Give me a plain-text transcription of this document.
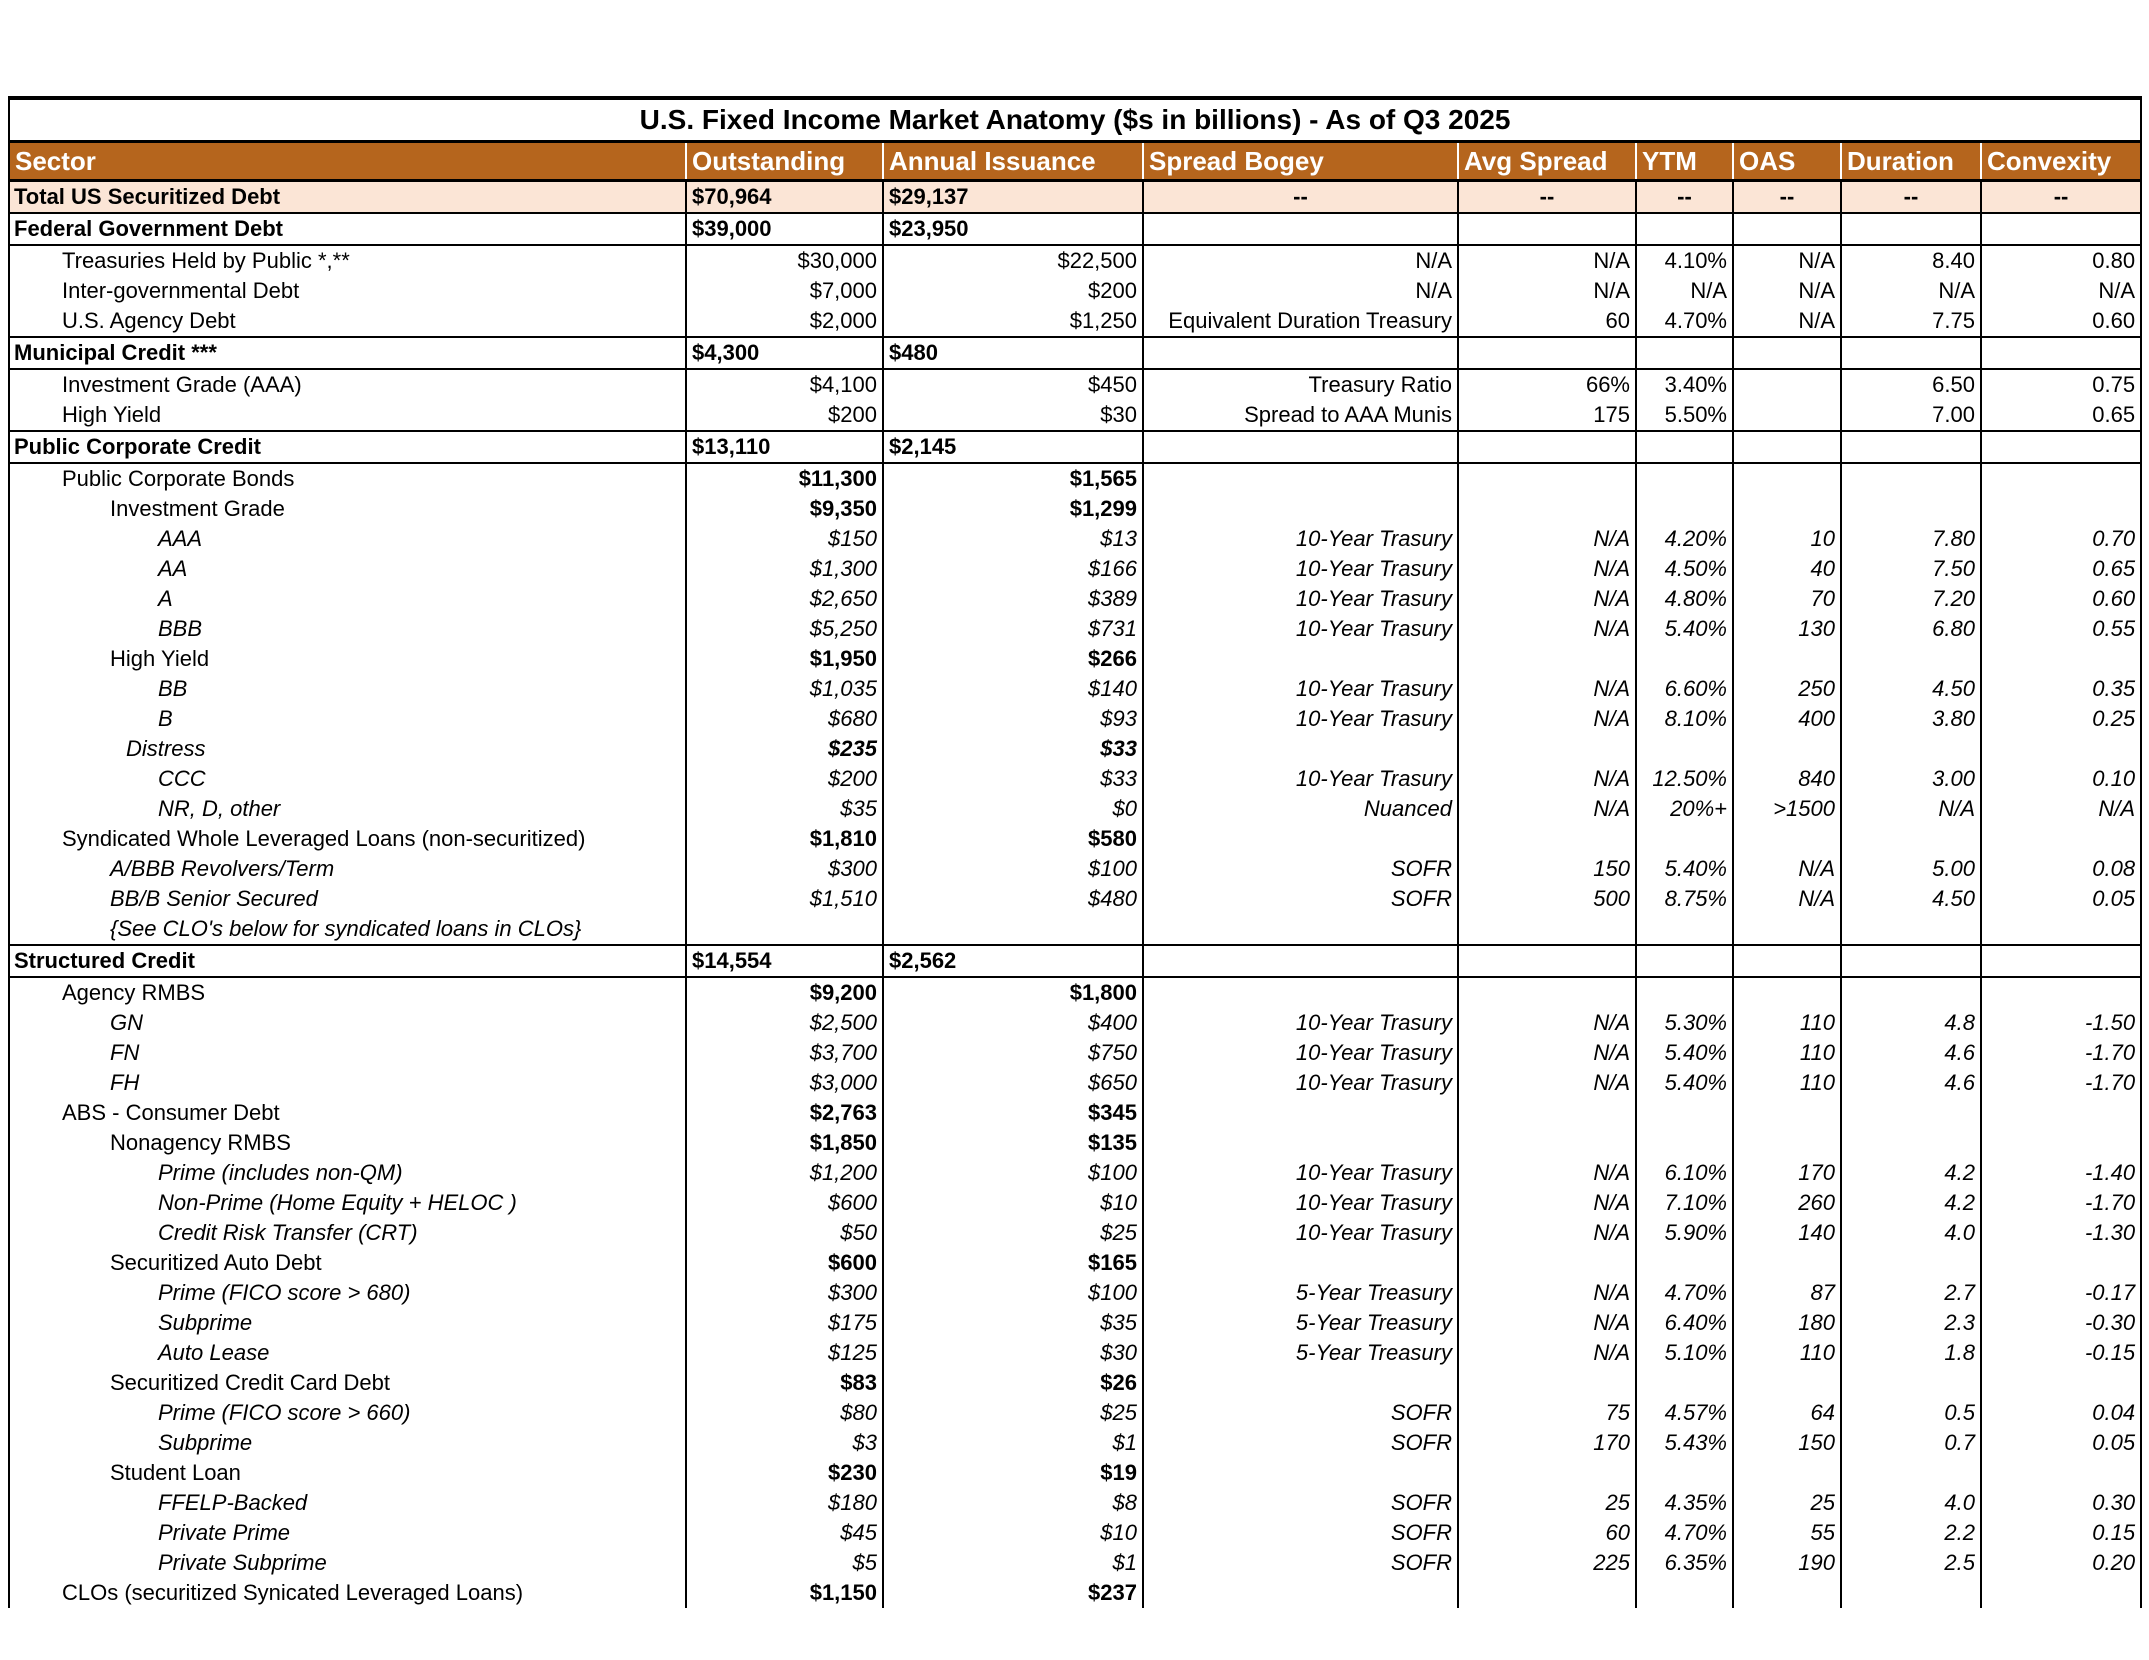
U.S. Fixed Income Market Anatomy ($s in billions) - As of Q3 2025								
Sector	Outstanding	Annual Issuance	Spread Bogey	Avg Spread	YTM	OAS	Duration	Convexity
Total US Securitized Debt	$70,964	$29,137	--	--	--	--	--	--
Federal Government Debt	$39,000	$23,950						
Treasuries Held by Public *,**	$30,000	$22,500	N/A	N/A	4.10%	N/A	8.40	0.80
Inter-governmental Debt	$7,000	$200	N/A	N/A	N/A	N/A	N/A	N/A
U.S. Agency Debt	$2,000	$1,250	Equivalent Duration Treasury	60	4.70%	N/A	7.75	0.60
Municipal Credit ***	$4,300	$480						
Investment Grade (AAA)	$4,100	$450	Treasury Ratio	66%	3.40%		6.50	0.75
High Yield	$200	$30	Spread to AAA Munis	175	5.50%		7.00	0.65
Public Corporate Credit	$13,110	$2,145						
Public Corporate Bonds	$11,300	$1,565						
Investment Grade	$9,350	$1,299						
AAA	$150	$13	10-Year Trasury	N/A	4.20%	10	7.80	0.70
AA	$1,300	$166	10-Year Trasury	N/A	4.50%	40	7.50	0.65
A	$2,650	$389	10-Year Trasury	N/A	4.80%	70	7.20	0.60
BBB	$5,250	$731	10-Year Trasury	N/A	5.40%	130	6.80	0.55
High Yield	$1,950	$266						
BB	$1,035	$140	10-Year Trasury	N/A	6.60%	250	4.50	0.35
B	$680	$93	10-Year Trasury	N/A	8.10%	400	3.80	0.25
Distress	$235	$33						
CCC	$200	$33	10-Year Trasury	N/A	12.50%	840	3.00	0.10
NR, D, other	$35	$0	Nuanced	N/A	20%+	>1500	N/A	N/A
Syndicated Whole Leveraged Loans (non-securitized)	$1,810	$580						
A/BBB Revolvers/Term	$300	$100	SOFR	150	5.40%	N/A	5.00	0.08
BB/B Senior Secured	$1,510	$480	SOFR	500	8.75%	N/A	4.50	0.05
{See CLO's below for syndicated loans in CLOs}								
Structured Credit	$14,554	$2,562						
Agency RMBS	$9,200	$1,800						
GN	$2,500	$400	10-Year Trasury	N/A	5.30%	110	4.8	-1.50
FN	$3,700	$750	10-Year Trasury	N/A	5.40%	110	4.6	-1.70
FH	$3,000	$650	10-Year Trasury	N/A	5.40%	110	4.6	-1.70
ABS - Consumer Debt	$2,763	$345						
Nonagency RMBS	$1,850	$135						
Prime (includes non-QM)	$1,200	$100	10-Year Trasury	N/A	6.10%	170	4.2	-1.40
Non-Prime (Home Equity + HELOC )	$600	$10	10-Year Trasury	N/A	7.10%	260	4.2	-1.70
Credit Risk Transfer (CRT)	$50	$25	10-Year Trasury	N/A	5.90%	140	4.0	-1.30
Securitized Auto Debt	$600	$165						
Prime (FICO score > 680)	$300	$100	5-Year Treasury	N/A	4.70%	87	2.7	-0.17
Subprime	$175	$35	5-Year Treasury	N/A	6.40%	180	2.3	-0.30
Auto Lease	$125	$30	5-Year Treasury	N/A	5.10%	110	1.8	-0.15
Securitized Credit Card Debt	$83	$26						
Prime (FICO score > 660)	$80	$25	SOFR	75	4.57%	64	0.5	0.04
Subprime	$3	$1	SOFR	170	5.43%	150	0.7	0.05
Student Loan	$230	$19						
FFELP-Backed	$180	$8	SOFR	25	4.35%	25	4.0	0.30
Private Prime	$45	$10	SOFR	60	4.70%	55	2.2	0.15
Private Subprime	$5	$1	SOFR	225	6.35%	190	2.5	0.20
CLOs (securitized Synicated Leveraged Loans)	$1,150	$237						
